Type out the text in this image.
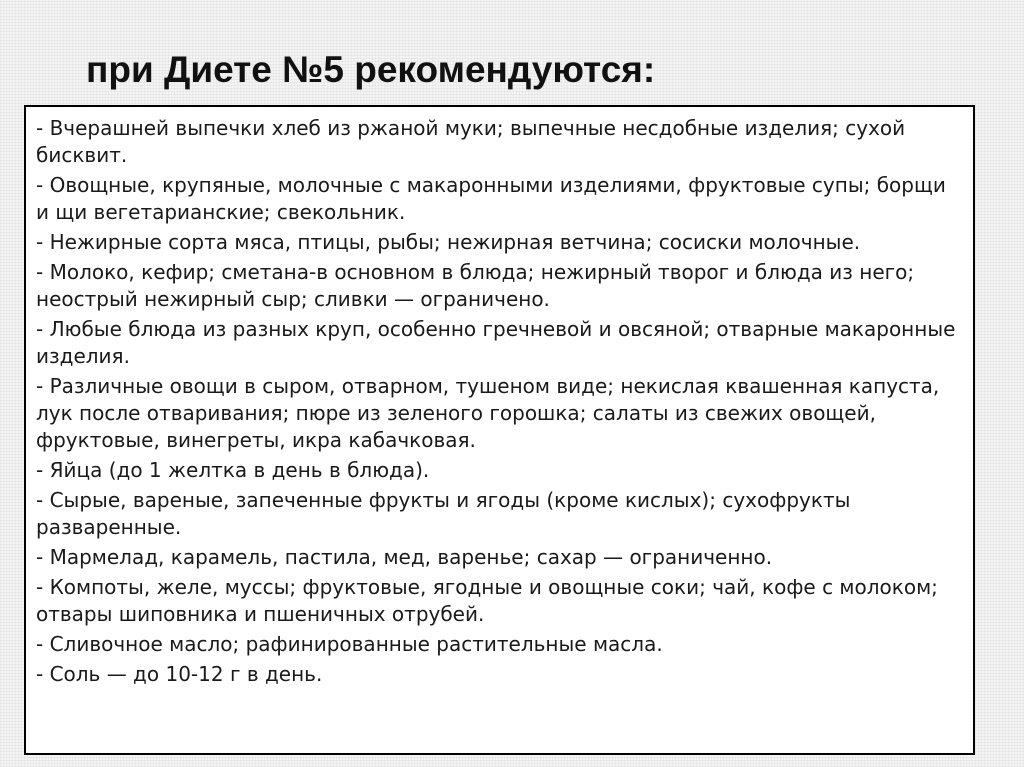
при Диете №5 рекомендуются:

- Вчерашней выпечки хлеб из ржаной муки; выпечные несдобные изделия; сухой бисквит.

- Овощные, крупяные, молочные с макаронными изделиями, фруктовые супы; борщи и щи вегетарианские; свекольник.

- Нежирные сорта мяса, птицы, рыбы; нежирная ветчина; сосиски молочные.

- Молоко, кефир; сметана-в основном в блюда; нежирный творог и блюда из него; неострый нежирный сыр; сливки — ограничено.

- Любые блюда из разных круп, особенно гречневой и овсяной; отварные макаронные изделия.

- Различные овощи в сыром, отварном, тушеном виде; некислая квашенная капуста, лук после отваривания; пюре из зеленого горошка; салаты из свежих овощей, фруктовые, винегреты, икра кабачковая.

- Яйца (до 1 желтка в день в блюда).

- Сырые, вареные, запеченные фрукты и ягоды (кроме кислых); сухофрукты разваренные.

- Мармелад, карамель, пастила, мед, варенье; сахар — ограниченно.

- Компоты, желе, муссы; фруктовые, ягодные и овощные соки; чай, кофе с молоком; отвары шиповника и пшеничных отрубей.

- Сливочное масло; рафинированные растительные масла.

- Соль — до 10-12 г в день.
